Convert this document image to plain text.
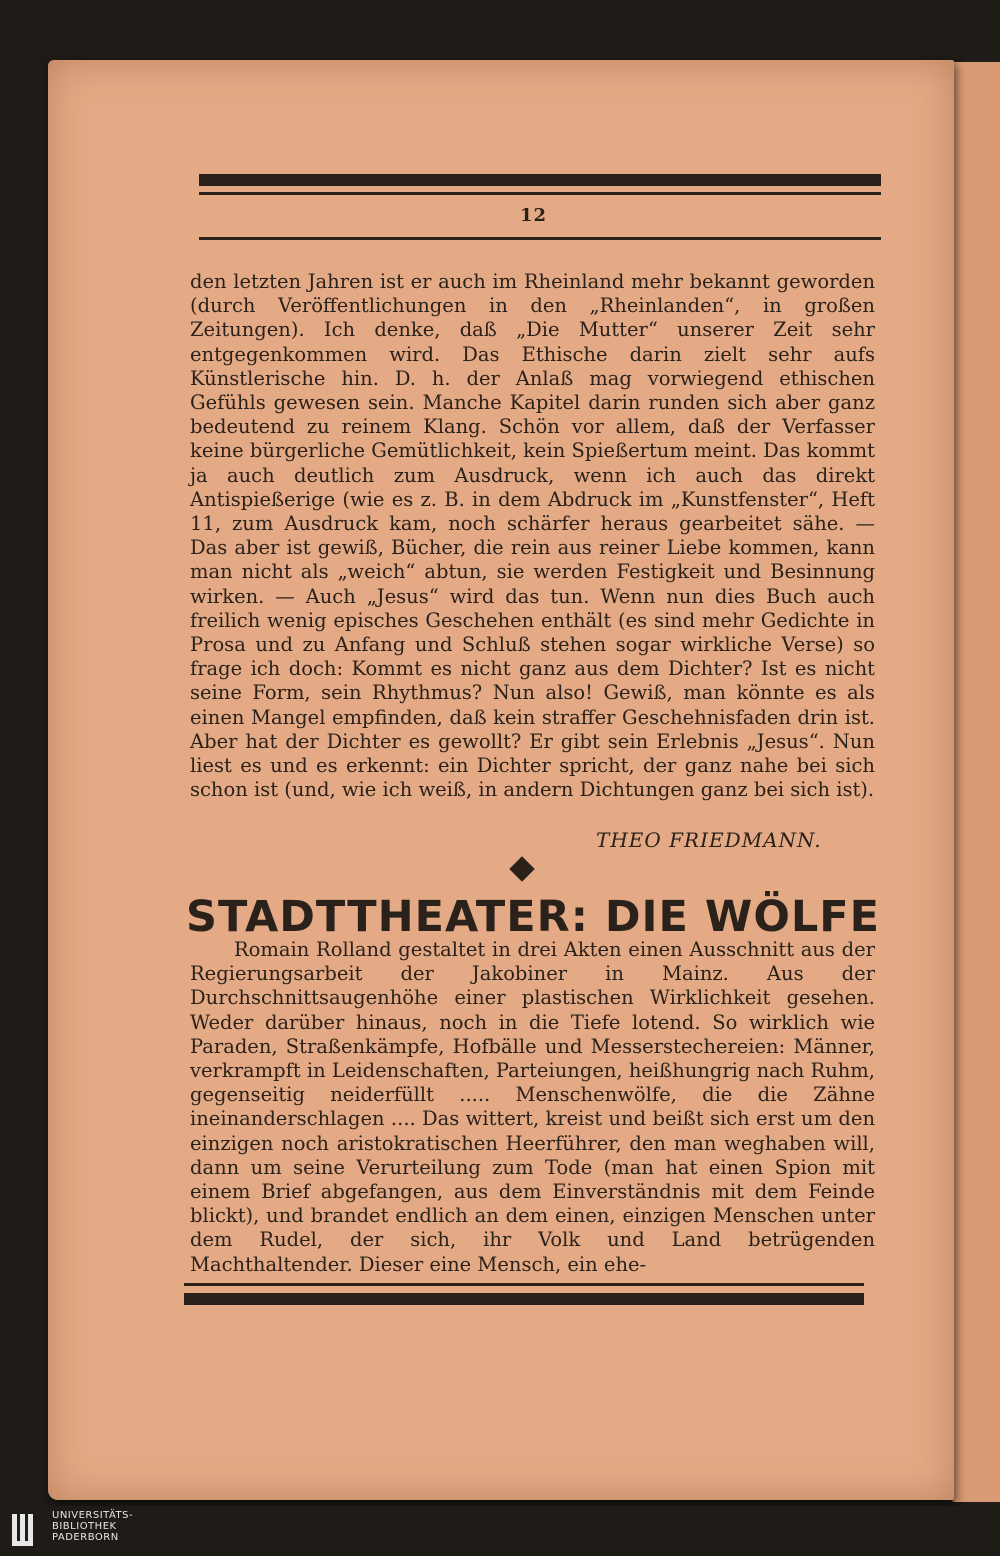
12

den letzten Jahren ist er auch im Rheinland mehr bekannt geworden (durch Veröffentlichungen in den „Rheinlanden“, in großen Zeitungen). Ich denke, daß „Die Mutter“ unserer Zeit sehr entgegenkommen wird. Das Ethische darin zielt sehr aufs Künstlerische hin. D. h. der Anlaß mag vorwiegend ethischen Gefühls gewesen sein. Manche Kapitel darin runden sich aber ganz bedeutend zu reinem Klang. Schön vor allem, daß der Verfasser keine bürgerliche Gemütlichkeit, kein Spießertum meint. Das kommt ja auch deutlich zum Ausdruck, wenn ich auch das direkt Antispießerige (wie es z. B. in dem Abdruck im „Kunstfenster“, Heft 11, zum Ausdruck kam, noch schärfer heraus gearbeitet sähe. — Das aber ist gewiß, Bücher, die rein aus reiner Liebe kommen, kann man nicht als „weich“ abtun, sie werden Festigkeit und Besinnung wirken. — Auch „Jesus“ wird das tun. Wenn nun dies Buch auch freilich wenig episches Geschehen enthält (es sind mehr Gedichte in Prosa und zu Anfang und Schluß stehen sogar wirkliche Verse) so frage ich doch: Kommt es nicht ganz aus dem Dichter? Ist es nicht seine Form, sein Rhythmus? Nun also! Gewiß, man könnte es als einen Mangel empfinden, daß kein straffer Geschehnisfaden drin ist. Aber hat der Dichter es gewollt? Er gibt sein Erlebnis „Jesus“. Nun liest es und es erkennt: ein Dichter spricht, der ganz nahe bei sich schon ist (und, wie ich weiß, in andern Dichtungen ganz bei sich ist).

THEO FRIEDMANN.
STADTTHEATER: DIE WÖLFE

Romain Rolland gestaltet in drei Akten einen Ausschnitt aus der Regierungsarbeit der Jakobiner in Mainz. Aus der Durchschnittsaugenhöhe einer plastischen Wirklichkeit gesehen. Weder darüber hinaus, noch in die Tiefe lotend. So wirklich wie Paraden, Straßenkämpfe, Hofbälle und Messerstechereien: Männer, verkrampft in Leidenschaften, Parteiungen, heißhungrig nach Ruhm, gegenseitig neiderfüllt ..... Menschenwölfe, die die Zähne ineinanderschlagen .... Das wittert, kreist und beißt sich erst um den einzigen noch aristokratischen Heerführer, den man weghaben will, dann um seine Verurteilung zum Tode (man hat einen Spion mit einem Brief abgefangen, aus dem Einverständnis mit dem Feinde blickt), und brandet endlich an dem einen, einzigen Menschen unter dem Rudel, der sich, ihr Volk und Land betrügenden Machthaltender. Dieser eine Mensch, ein ehe-

UNIVERSITÄTS-
BIBLIOTHEK
PADERBORN
